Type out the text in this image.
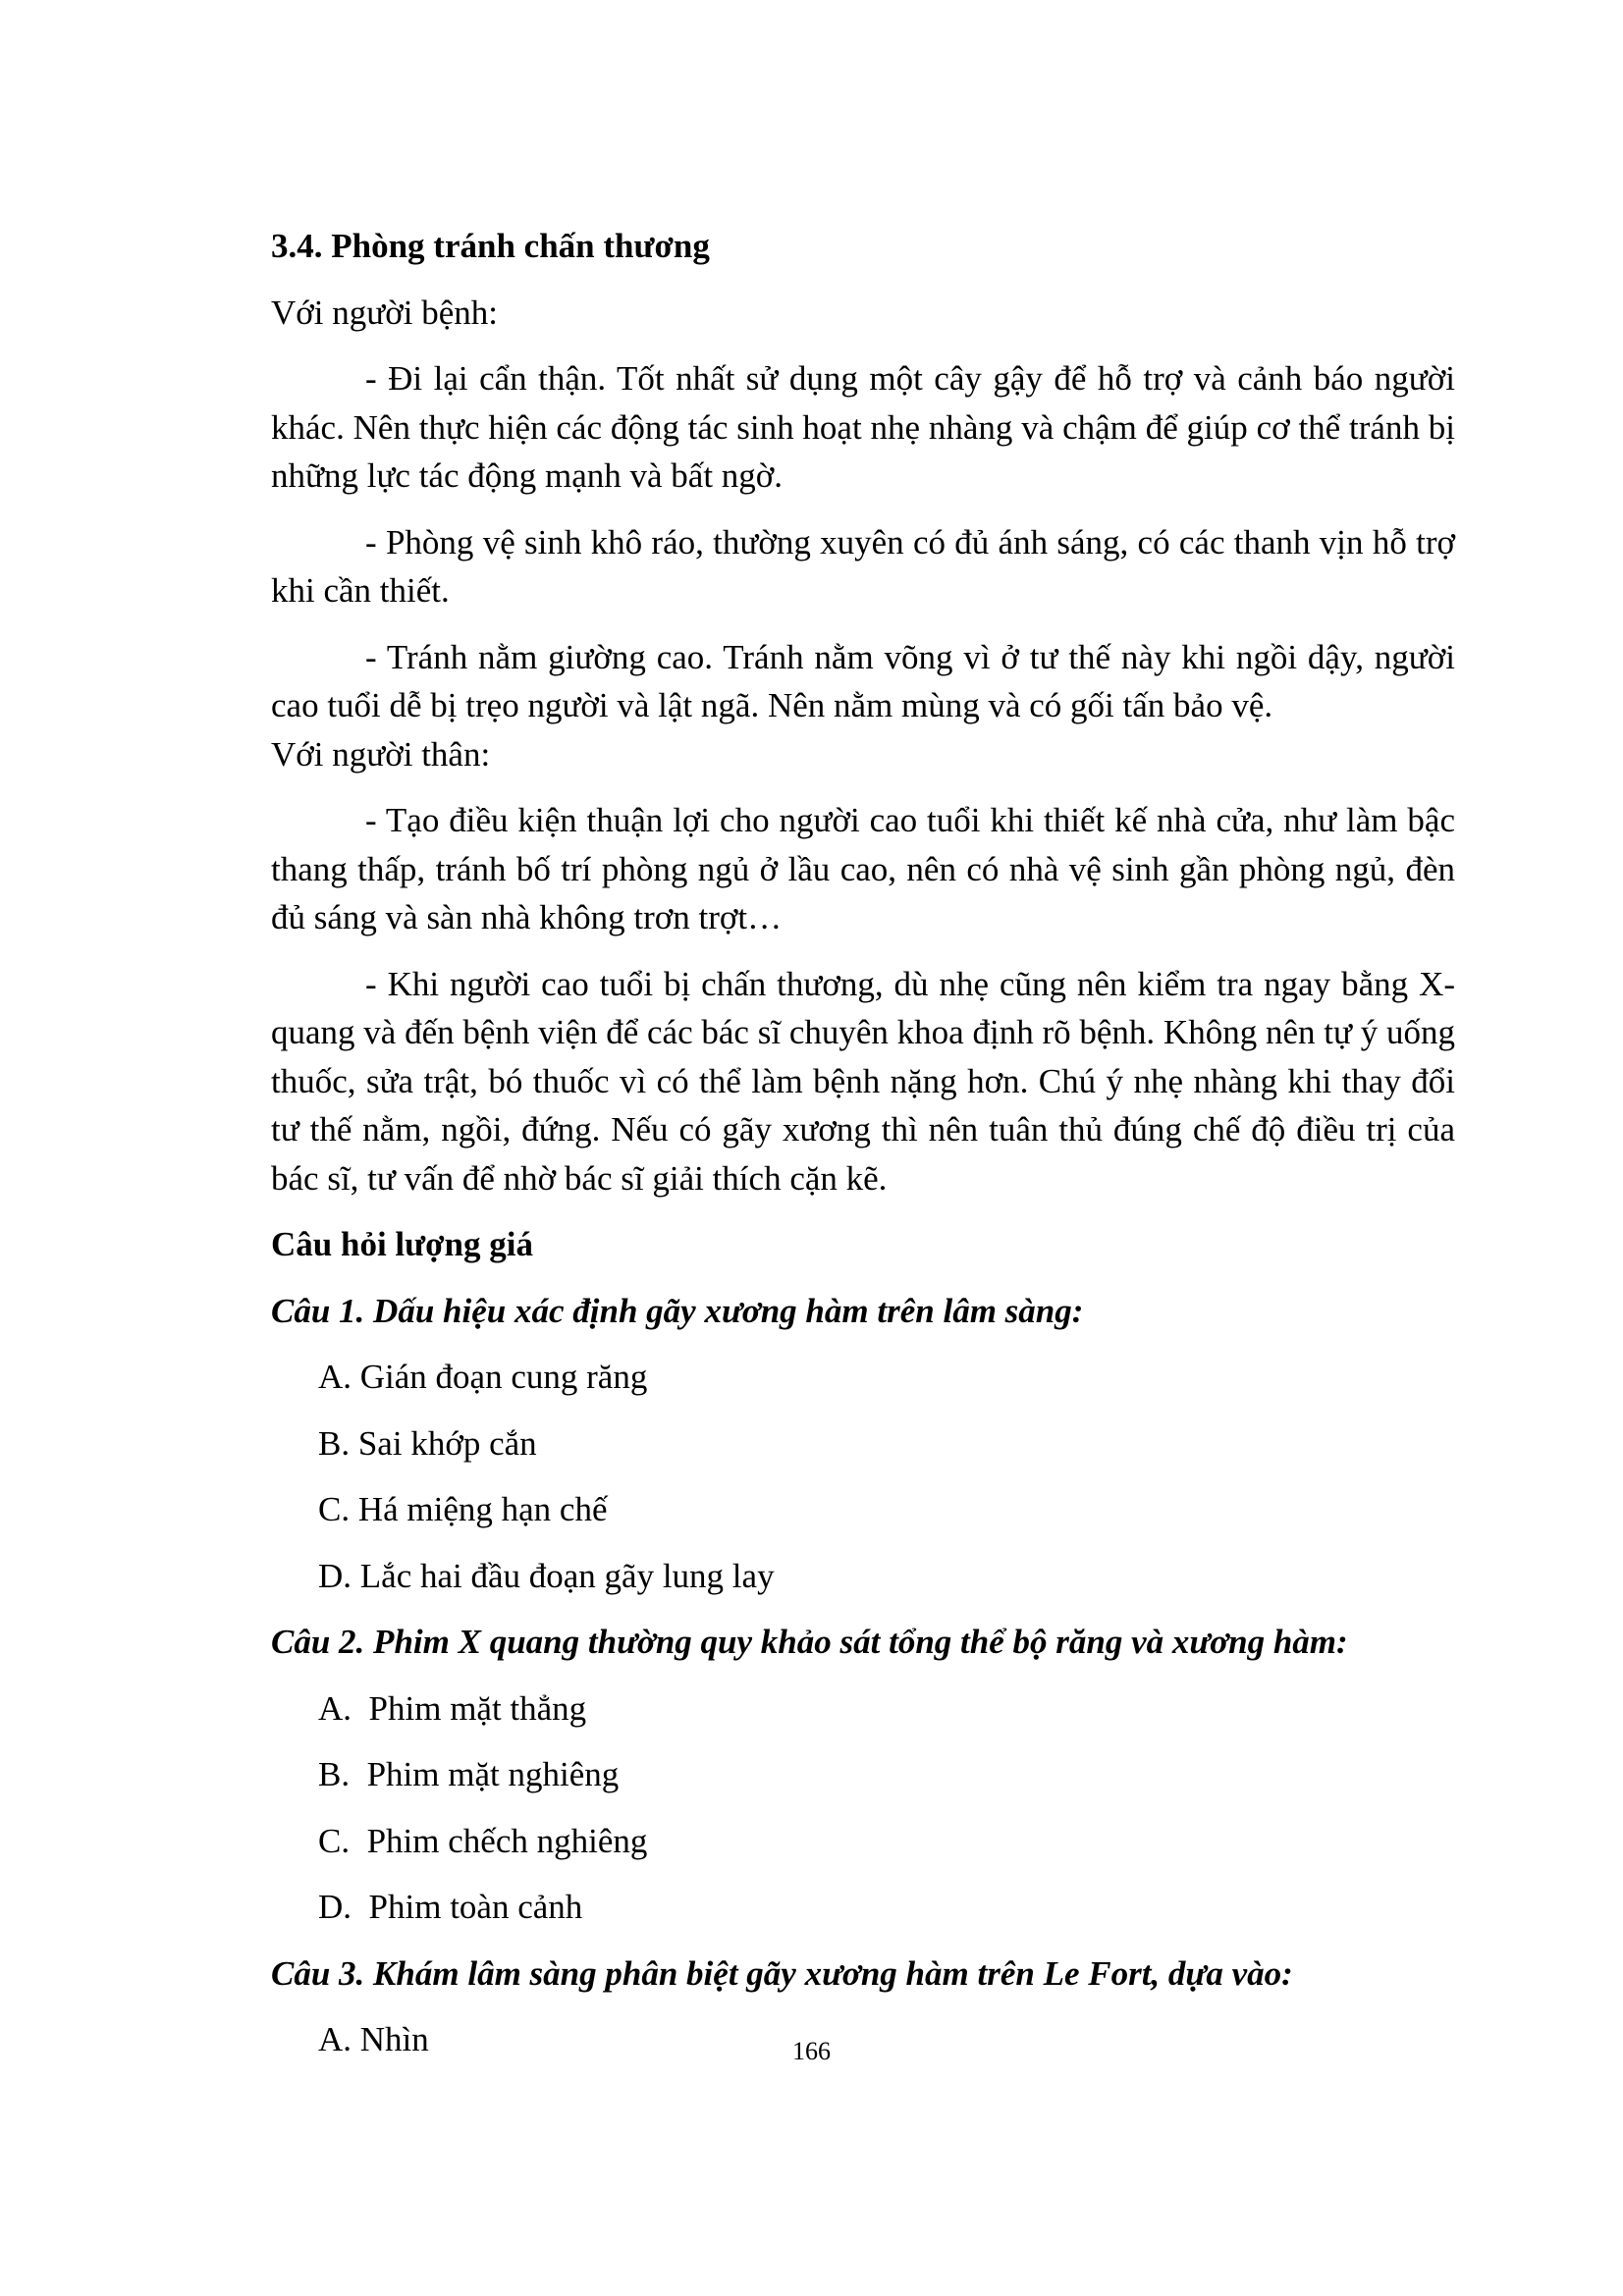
3.4. Phòng tránh chấn thương
Với người bệnh:
- Đi lại cẩn thận. Tốt nhất sử dụng một cây gậy để hỗ trợ và cảnh báo người khác. Nên thực hiện các động tác sinh hoạt nhẹ nhàng và chậm để giúp cơ thể tránh bị những lực tác động mạnh và bất ngờ.
- Phòng vệ sinh khô ráo, thường xuyên có đủ ánh sáng, có các thanh vịn hỗ trợ khi cần thiết.
- Tránh nằm giường cao. Tránh nằm võng vì ở tư thế này khi ngồi dậy, người cao tuổi dễ bị trẹo người và lật ngã. Nên nằm mùng và có gối tấn bảo vệ.
Với người thân:
- Tạo điều kiện thuận lợi cho người cao tuổi khi thiết kế nhà cửa, như làm bậc thang thấp, tránh bố trí phòng ngủ ở lầu cao, nên có nhà vệ sinh gần phòng ngủ, đèn đủ sáng và sàn nhà không trơn trợt…
- Khi người cao tuổi bị chấn thương, dù nhẹ cũng nên kiểm tra ngay bằng X-quang và đến bệnh viện để các bác sĩ chuyên khoa định rõ bệnh. Không nên tự ý uống thuốc, sửa trật, bó thuốc vì có thể làm bệnh nặng hơn. Chú ý nhẹ nhàng khi thay đổi tư thế nằm, ngồi, đứng. Nếu có gãy xương thì nên tuân thủ đúng chế độ điều trị của bác sĩ, tư vấn để nhờ bác sĩ giải thích cặn kẽ.
Câu hỏi lượng giá
Câu 1. Dấu hiệu xác định gãy xương hàm trên lâm sàng:
A. Gián đoạn cung răng
B. Sai khớp cắn
C. Há miệng hạn chế
D. Lắc hai đầu đoạn gãy lung lay
Câu 2. Phim X quang thường quy khảo sát tổng thể bộ răng và xương hàm:
A.  Phim mặt thẳng
B.  Phim mặt nghiêng
C.  Phim chếch nghiêng
D.  Phim toàn cảnh
Câu 3. Khám lâm sàng phân biệt gãy xương hàm trên Le Fort, dựa vào:
A. Nhìn	166
